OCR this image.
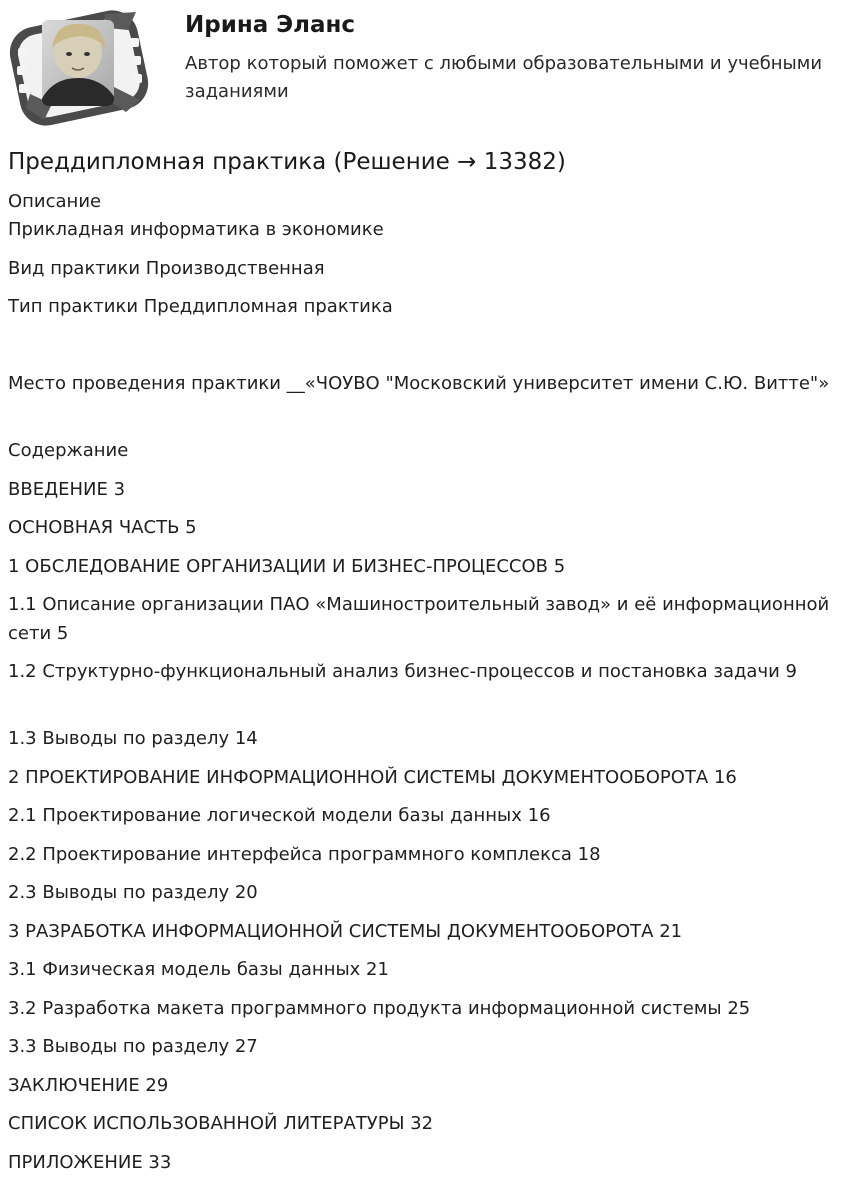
Ирина Эланс
Автор который поможет с любыми образовательными и учебными заданиями
Преддипломная практика (Решение → 13382)
Описание
Прикладная информатика в экономике
Вид практики Производственная
Тип практики Преддипломная практика
Место проведения практики __«ЧОУВО "Московский университет имени С.Ю. Витте"»
Содержание
ВВЕДЕНИЕ 3
ОСНОВНАЯ ЧАСТЬ 5
1 ОБСЛЕДОВАНИЕ ОРГАНИЗАЦИИ И БИЗНЕС-ПРОЦЕССОВ 5
1.1 Описание организации ПАО «Машиностроительный завод» и её информационной сети 5
1.2 Структурно-функциональный анализ бизнес-процессов и постановка задачи 9
1.3 Выводы по разделу 14
2 ПРОЕКТИРОВАНИЕ ИНФОРМАЦИОННОЙ СИСТЕМЫ ДОКУМЕНТООБОРОТА 16
2.1 Проектирование логической модели базы данных 16
2.2 Проектирование интерфейса программного комплекса 18
2.3 Выводы по разделу 20
3 РАЗРАБОТКА ИНФОРМАЦИОННОЙ СИСТЕМЫ ДОКУМЕНТООБОРОТА 21
3.1 Физическая модель базы данных 21
3.2 Разработка макета программного продукта информационной системы 25
3.3 Выводы по разделу 27
ЗАКЛЮЧЕНИЕ 29
СПИСОК ИСПОЛЬЗОВАННОЙ ЛИТЕРАТУРЫ 32
ПРИЛОЖЕНИЕ 33
